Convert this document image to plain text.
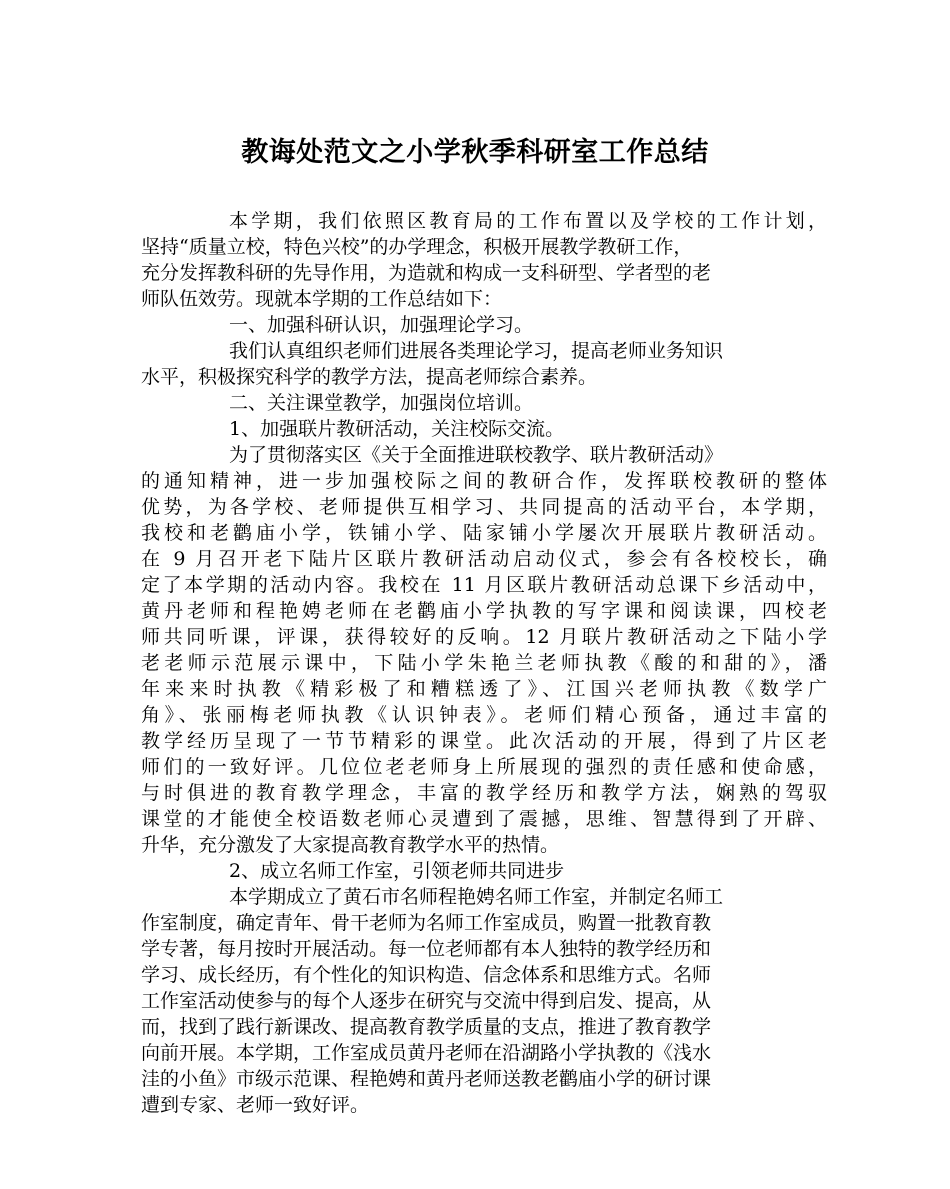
教诲处范文之小学秋季科研室工作总结
本学期，我们依照区教育局的工作布置以及学校的工作计划，
坚持“质量立校，特色兴校”的办学理念，积极开展教学教研工作，
充分发挥教科研的先导作用，为造就和构成一支科研型、学者型的老
师队伍效劳。现就本学期的工作总结如下：
一、加强科研认识，加强理论学习。
我们认真组织老师们进展各类理论学习，提高老师业务知识
水平，积极探究科学的教学方法，提高老师综合素养。
二、关注课堂教学，加强岗位培训。
1、加强联片教研活动，关注校际交流。
为了贯彻落实区《关于全面推进联校教学、联片教研活动》
的通知精神，进一步加强校际之间的教研合作，发挥联校教研的整体
优势，为各学校、老师提供互相学习、共同提高的活动平台，本学期，
我校和老鹳庙小学，铁铺小学、陆家铺小学屡次开展联片教研活动。
在 9 月召开老下陆片区联片教研活动启动仪式，参会有各校校长，确
定了本学期的活动内容。我校在 11 月区联片教研活动总课下乡活动中，
黄丹老师和程艳娉老师在老鹳庙小学执教的写字课和阅读课，四校老
师共同听课，评课，获得较好的反响。12 月联片教研活动之下陆小学
老老师示范展示课中，下陆小学朱艳兰老师执教《酸的和甜的》，潘
年来来时执教《精彩极了和糟糕透了》、江国兴老师执教《数学广
角》、张丽梅老师执教《认识钟表》。老师们精心预备，通过丰富的
教学经历呈现了一节节精彩的课堂。此次活动的开展，得到了片区老
师们的一致好评。几位位老老师身上所展现的强烈的责任感和使命感，
与时俱进的教育教学理念，丰富的教学经历和教学方法，娴熟的驾驭
课堂的才能使全校语数老师心灵遭到了震撼，思维、智慧得到了开辟、
升华，充分激发了大家提高教育教学水平的热情。
2、成立名师工作室，引领老师共同进步
本学期成立了黄石市名师程艳娉名师工作室，并制定名师工
作室制度，确定青年、骨干老师为名师工作室成员，购置一批教育教
学专著，每月按时开展活动。每一位老师都有本人独特的教学经历和
学习、成长经历，有个性化的知识构造、信念体系和思维方式。名师
工作室活动使参与的每个人逐步在研究与交流中得到启发、提高，从
而，找到了践行新课改、提高教育教学质量的支点，推进了教育教学
向前开展。本学期，工作室成员黄丹老师在沿湖路小学执教的《浅水
洼的小鱼》市级示范课、程艳娉和黄丹老师送教老鹳庙小学的研讨课
遭到专家、老师一致好评。
